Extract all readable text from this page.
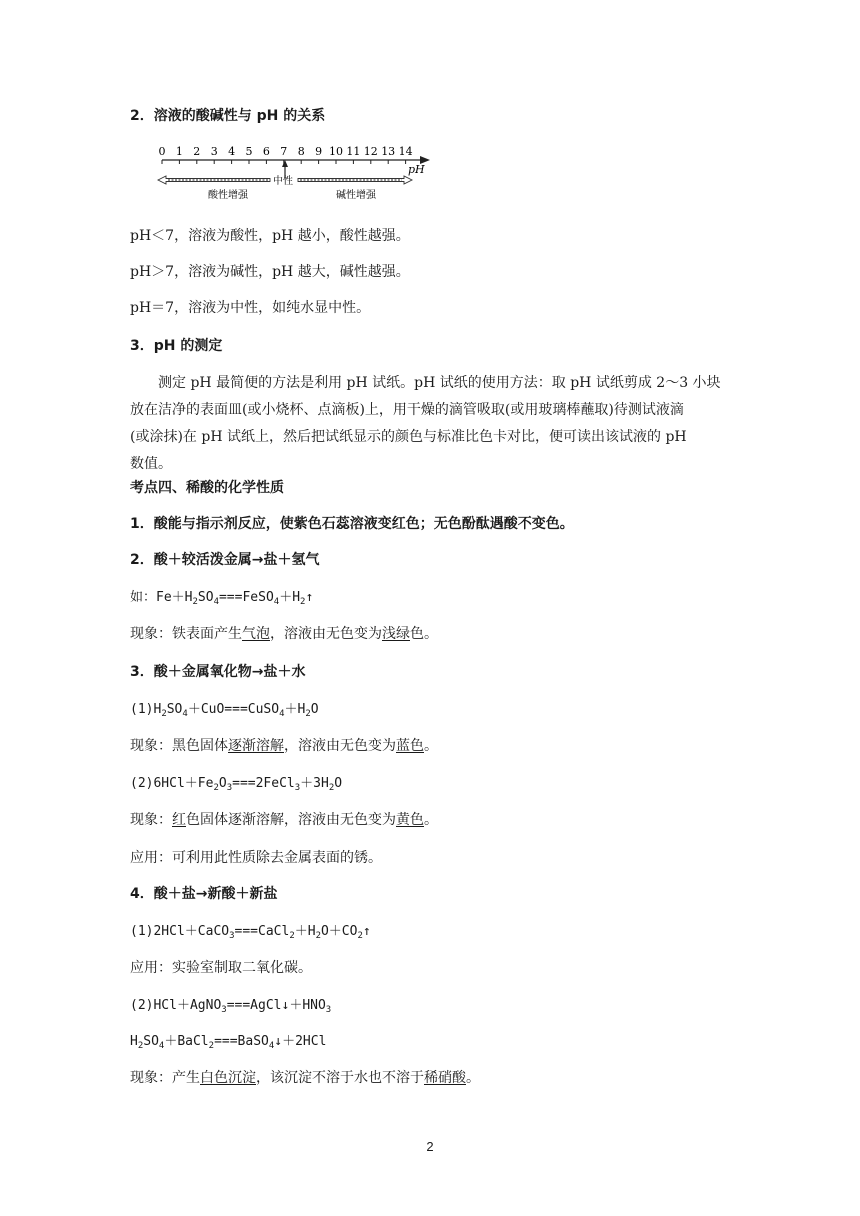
2．溶液的酸碱性与 pH 的关系
0 1 2 3 4 5 6 7 8 9 10 11 12 13 14
pH
中性
酸性增强	碱性增强
pH＜7，溶液为酸性，pH 越小，酸性越强。
pH＞7，溶液为碱性，pH 越大，碱性越强。
pH＝7，溶液为中性，如纯水显中性。
3．pH 的测定
测定 pH 最简便的方法是利用 pH 试纸。pH 试纸的使用方法：取 pH 试纸剪成 2～3 小块
放在洁净的表面皿(或小烧杯、点滴板)上，用干燥的滴管吸取(或用玻璃棒蘸取)待测试液滴
(或涂抹)在 pH 试纸上，然后把试纸显示的颜色与标准比色卡对比，便可读出该试液的 pH
数值。
考点四、稀酸的化学性质
1．酸能与指示剂反应，使紫色石蕊溶液变红色；无色酚酞遇酸不变色。
2．酸＋较活泼金属→盐＋氢气
如：$Fe+H_2SO_4===FeSO_4+H_2↑$
现象：铁表面产生气泡，溶液由无色变为浅绿色。
3．酸＋金属氧化物→盐＋水
$(1)H_2SO_4+CuO===CuSO_4+H_2O$
现象：黑色固体逐渐溶解，溶液由无色变为蓝色。
$(2)6HCl+Fe_2O_3===2FeCl_3+3H_2O$
现象：红色固体逐渐溶解，溶液由无色变为黄色。
应用：可利用此性质除去金属表面的锈。
4．酸＋盐→新酸＋新盐
$(1)2HCl+CaCO_3===CaCl_2+H_2O+CO_2↑$
应用：实验室制取二氧化碳。
$(2)HCl+AgNO_3===AgCl↓+HNO_3$
$H_2SO_4+BaCl_2===BaSO_4↓+2HCl$
现象：产生白色沉淀，该沉淀不溶于水也不溶于稀硝酸。
2
